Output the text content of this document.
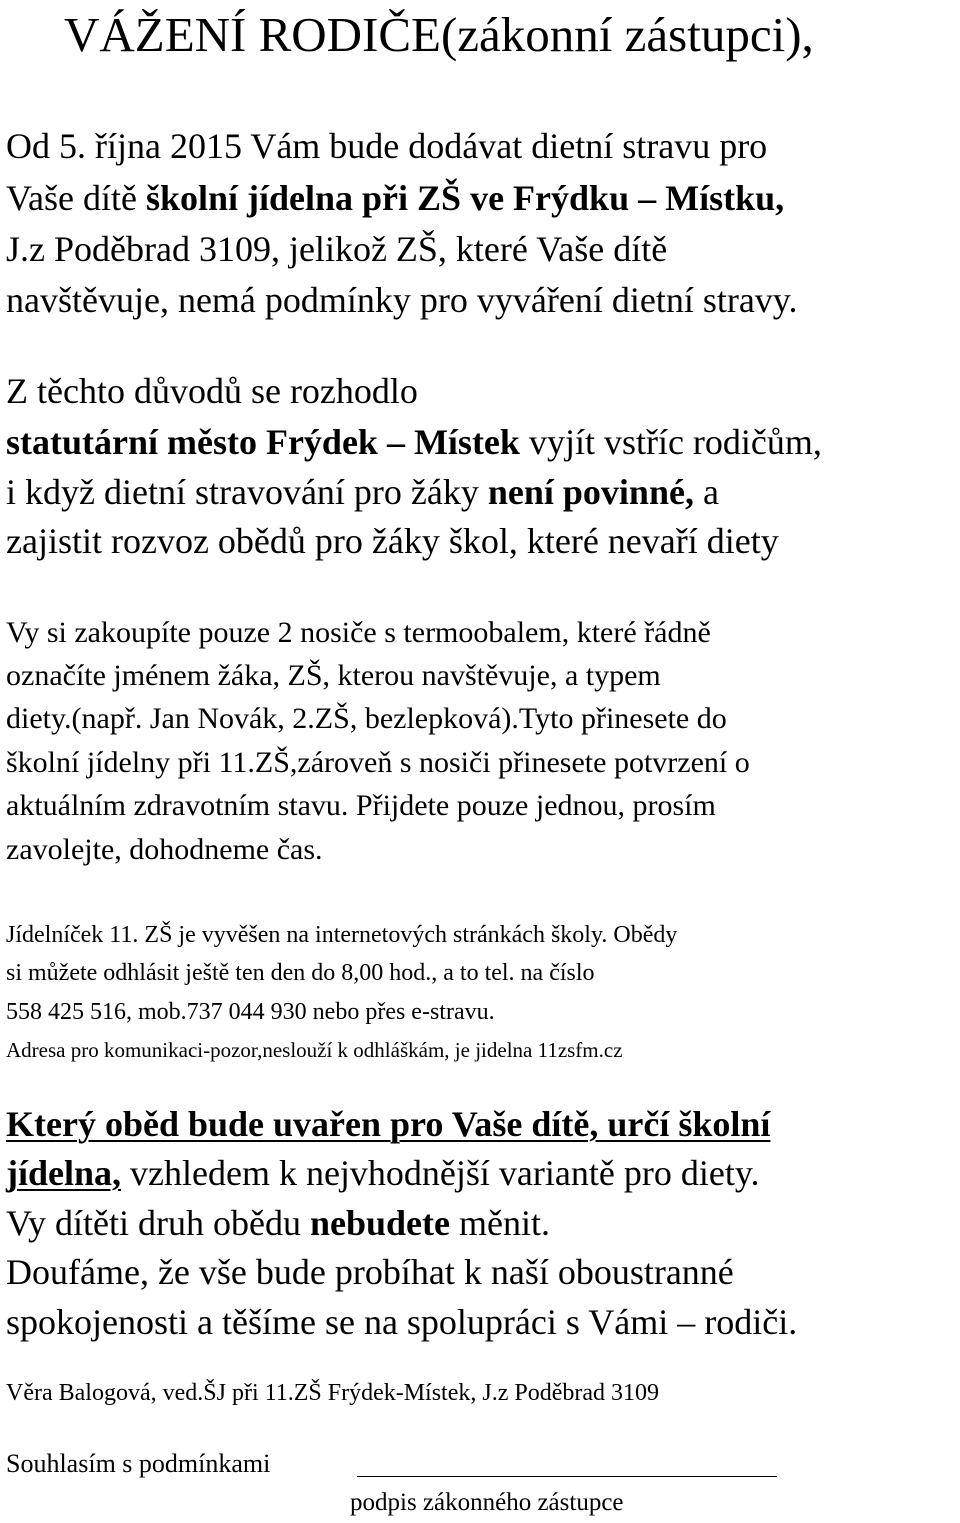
VÁŽENÍ RODIČE(zákonní zástupci),
Od 5. října 2015 Vám bude dodávat dietní stravu pro
Vaše dítě školní jídelna při ZŠ ve Frýdku – Místku,
J.z Poděbrad 3109, jelikož ZŠ, které Vaše dítě
navštěvuje, nemá podmínky pro vyváření dietní stravy.
Z těchto důvodů se rozhodlo
statutární město Frýdek – Místek vyjít vstříc rodičům,
i když dietní stravování pro žáky není povinné, a
zajistit rozvoz obědů pro žáky škol, které nevaří diety
Vy si zakoupíte pouze 2 nosiče s termoobalem, které řádně
označíte jménem žáka, ZŠ, kterou navštěvuje, a typem
diety.(např. Jan Novák, 2.ZŠ, bezlepková).Tyto přinesete do
školní jídelny při 11.ZŠ,zároveň s nosiči přinesete potvrzení o
aktuálním zdravotním stavu. Přijdete pouze jednou, prosím
zavolejte, dohodneme čas.
Jídelníček 11. ZŠ je vyvěšen na internetových stránkách školy. Obědy
si můžete odhlásit ještě ten den do 8,00 hod., a to tel. na číslo
558 425 516, mob.737 044 930 nebo přes e-stravu.
Adresa pro komunikaci-pozor,neslouží k odhláškám, je jidelna 11zsfm.cz
Který oběd bude uvařen pro Vaše dítě, určí školní
jídelna, vzhledem k nejvhodnější variantě pro diety.
Vy dítěti druh obědu nebudete měnit.
Doufáme, že vše bude probíhat k naší oboustranné
spokojenosti a těšíme se na spolupráci s Vámi – rodiči.
Věra Balogová, ved.ŠJ při 11.ZŠ Frýdek-Místek, J.z Poděbrad 3109
Souhlasím s podmínkami
podpis zákonného zástupce
